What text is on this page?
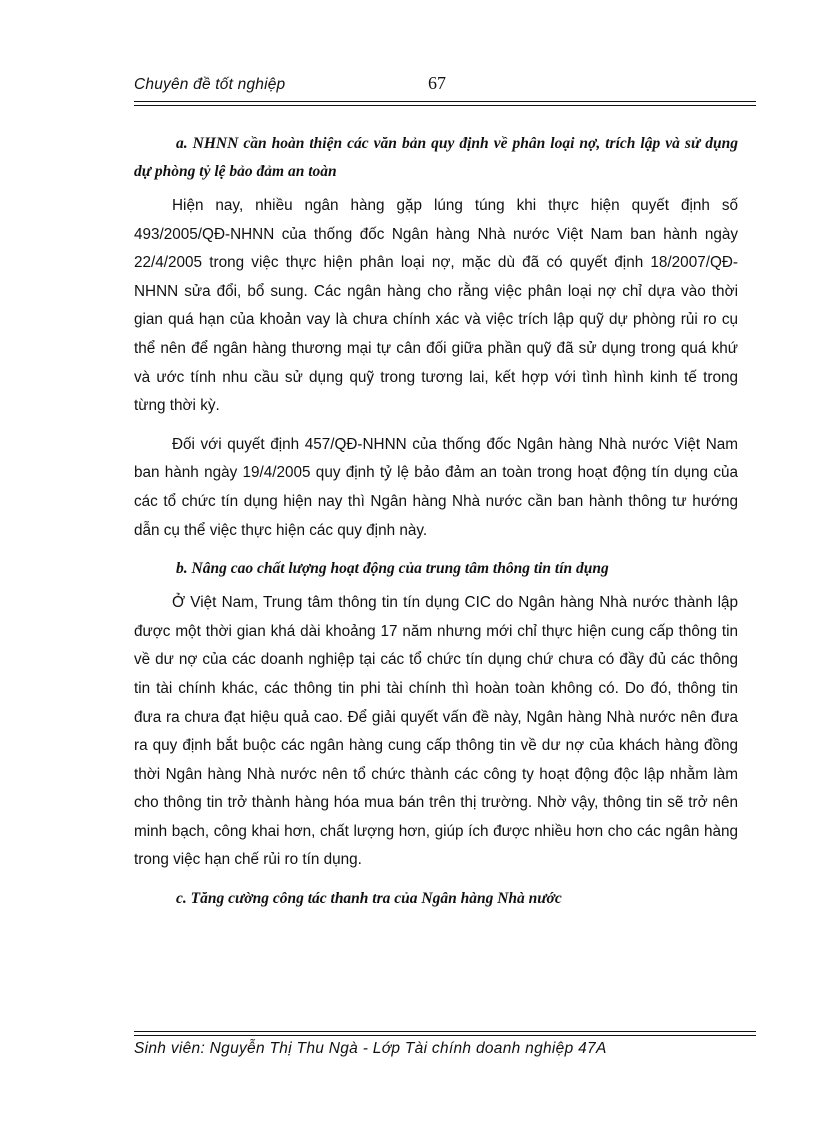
Chuyên đề tốt nghiệp	67

a. NHNN cần hoàn thiện các văn bản quy định về phân loại nợ, trích lập và sử dụng dự phòng tỷ lệ bảo đảm an toàn

Hiện nay, nhiều ngân hàng gặp lúng túng khi thực hiện quyết định số 493/2005/QĐ-NHNN của thống đốc Ngân hàng Nhà nước Việt Nam ban hành ngày 22/4/2005 trong việc thực hiện phân loại nợ, mặc dù đã có quyết định 18/2007/QĐ-NHNN sửa đổi, bổ sung. Các ngân hàng cho rằng việc phân loại nợ chỉ dựa vào thời gian quá hạn của khoản vay là chưa chính xác và việc trích lập quỹ dự phòng rủi ro cụ thể nên để ngân hàng thương mại tự cân đối giữa phần quỹ đã sử dụng trong quá khứ và ước tính nhu cầu sử dụng quỹ trong tương lai, kết hợp với tình hình kinh tế trong từng thời kỳ.

Đối với quyết định 457/QĐ-NHNN của thống đốc Ngân hàng Nhà nước Việt Nam ban hành ngày 19/4/2005 quy định tỷ lệ bảo đảm an toàn trong hoạt động tín dụng của các tổ chức tín dụng hiện nay thì Ngân hàng Nhà nước cần ban hành thông tư hướng dẫn cụ thể việc thực hiện các quy định này.

b. Nâng cao chất lượng hoạt động của trung tâm thông tin tín dụng

Ở Việt Nam, Trung tâm thông tin tín dụng CIC do Ngân hàng Nhà nước thành lập được một thời gian khá dài khoảng 17 năm nhưng mới chỉ thực hiện cung cấp thông tin về dư nợ của các doanh nghiệp tại các tổ chức tín dụng chứ chưa có đầy đủ các thông tin tài chính khác, các thông tin phi tài chính thì hoàn toàn không có. Do đó, thông tin đưa ra chưa đạt hiệu quả cao. Để giải quyết vấn đề này, Ngân hàng Nhà nước nên đưa ra quy định bắt buộc các ngân hàng cung cấp thông tin về dư nợ của khách hàng đồng thời Ngân hàng Nhà nước nên tổ chức thành các công ty hoạt động độc lập nhằm làm cho thông tin trở thành hàng hóa mua bán trên thị trường. Nhờ vậy, thông tin sẽ trở nên minh bạch, công khai hơn, chất lượng hơn, giúp ích được nhiều hơn cho các ngân hàng trong việc hạn chế rủi ro tín dụng.

c. Tăng cường công tác thanh tra của Ngân hàng Nhà nước

Sinh viên: Nguyễn Thị Thu Ngà - Lớp Tài chính doanh nghiệp 47A
